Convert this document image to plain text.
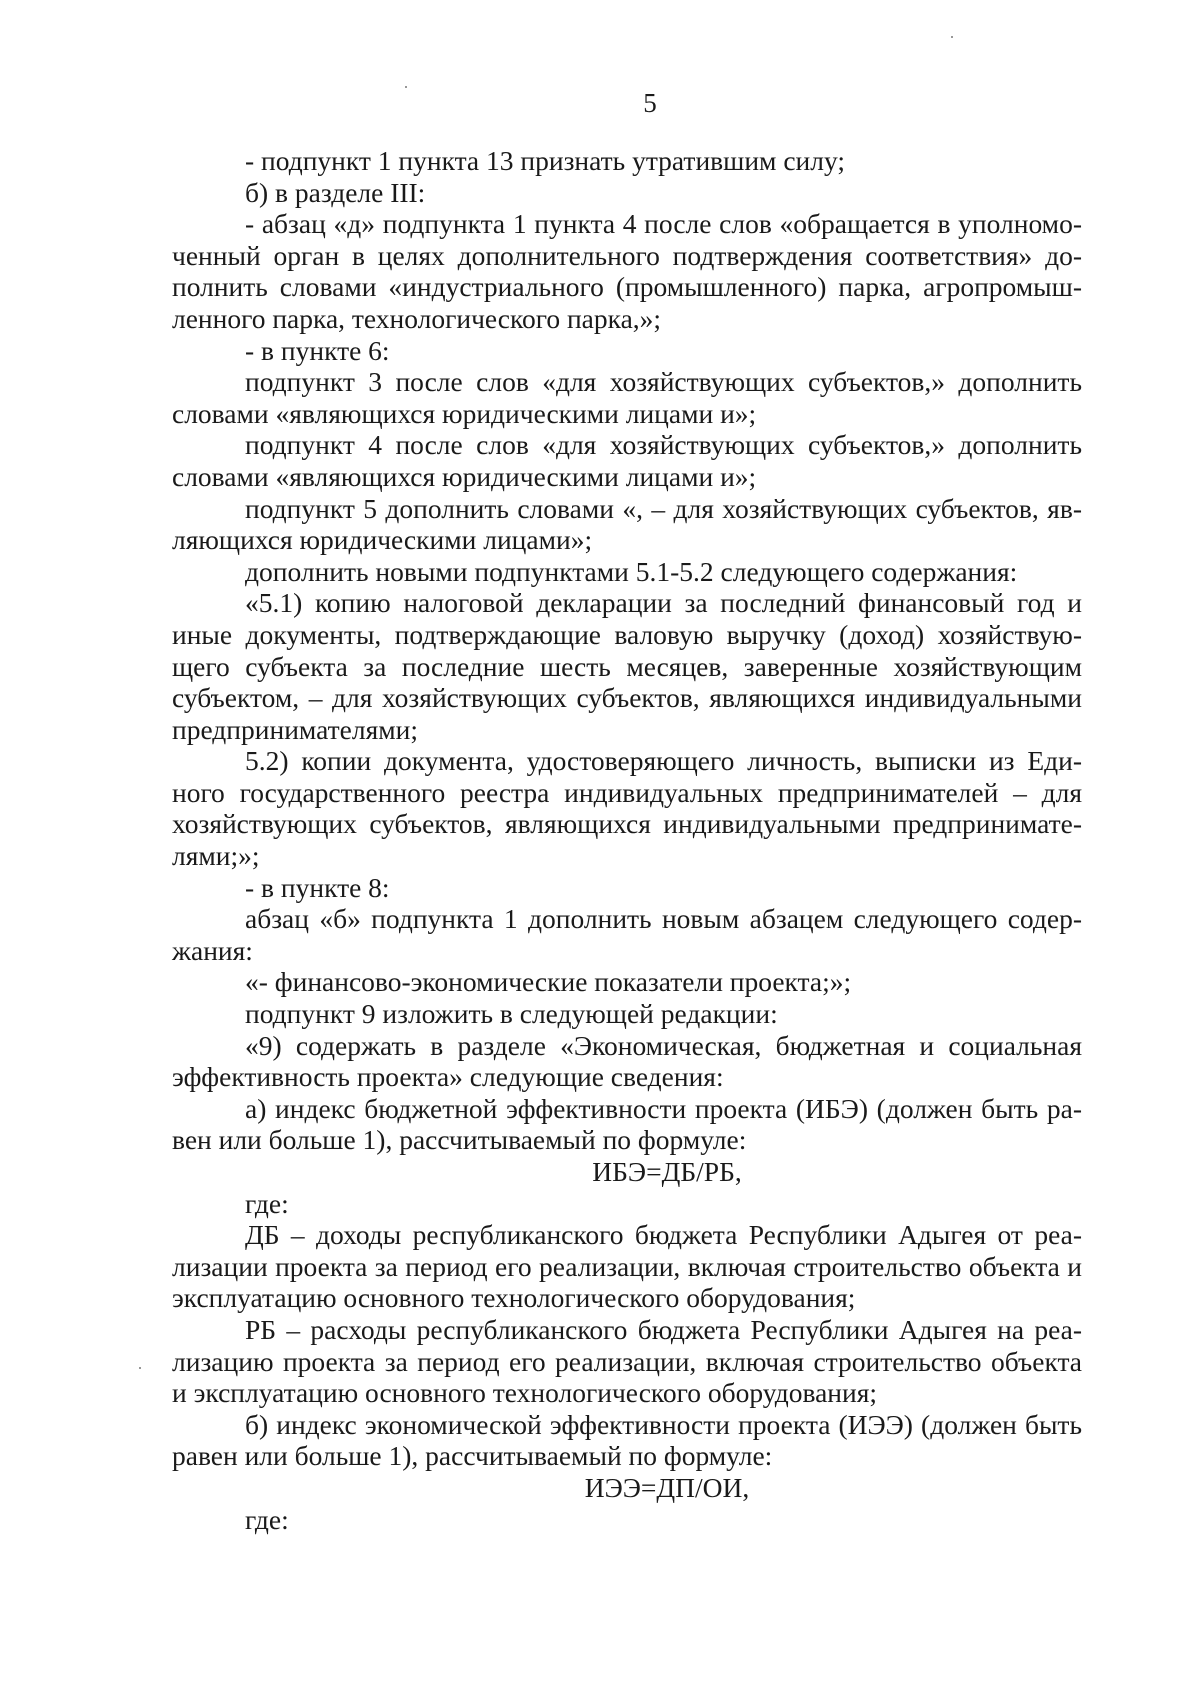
5

- подпункт 1 пункта 13 признать утратившим силу;

б) в разделе III:

- абзац «д» подпункта 1 пункта 4 после слов «обращается в уполномоченный орган в целях дополнительного подтверждения соответствия» дополнить словами «индустриального (промышленного) парка, агропромышленного парка, технологического парка,»;

- в пункте 6:

подпункт 3 после слов «для хозяйствующих субъектов,» дополнить словами «являющихся юридическими лицами и»;

подпункт 4 после слов «для хозяйствующих субъектов,» дополнить словами «являющихся юридическими лицами и»;

подпункт 5 дополнить словами «, – для хозяйствующих субъектов, являющихся юридическими лицами»;

дополнить новыми подпунктами 5.1-5.2 следующего содержания:

«5.1) копию налоговой декларации за последний финансовый год и иные документы, подтверждающие валовую выручку (доход) хозяйствующего субъекта за последние шесть месяцев, заверенные хозяйствующим субъектом, – для хозяйствующих субъектов, являющихся индивидуальными предпринимателями;

5.2) копии документа, удостоверяющего личность, выписки из Единого государственного реестра индивидуальных предпринимателей – для хозяйствующих субъектов, являющихся индивидуальными предпринимателями;»;

- в пункте 8:

абзац «б» подпункта 1 дополнить новым абзацем следующего содержания:

«- финансово-экономические показатели проекта;»;

подпункт 9 изложить в следующей редакции:

«9) содержать в разделе «Экономическая, бюджетная и социальная эффективность проекта» следующие сведения:

а) индекс бюджетной эффективности проекта (ИБЭ) (должен быть равен или больше 1), рассчитываемый по формуле:

ИБЭ=ДБ/РБ,

где:

ДБ – доходы республиканского бюджета Республики Адыгея от реализации проекта за период его реализации, включая строительство объекта и эксплуатацию основного технологического оборудования;

РБ – расходы республиканского бюджета Республики Адыгея на реализацию проекта за период его реализации, включая строительство объекта и эксплуатацию основного технологического оборудования;

б) индекс экономической эффективности проекта (ИЭЭ) (должен быть равен или больше 1), рассчитываемый по формуле:

ИЭЭ=ДП/ОИ,

где:
